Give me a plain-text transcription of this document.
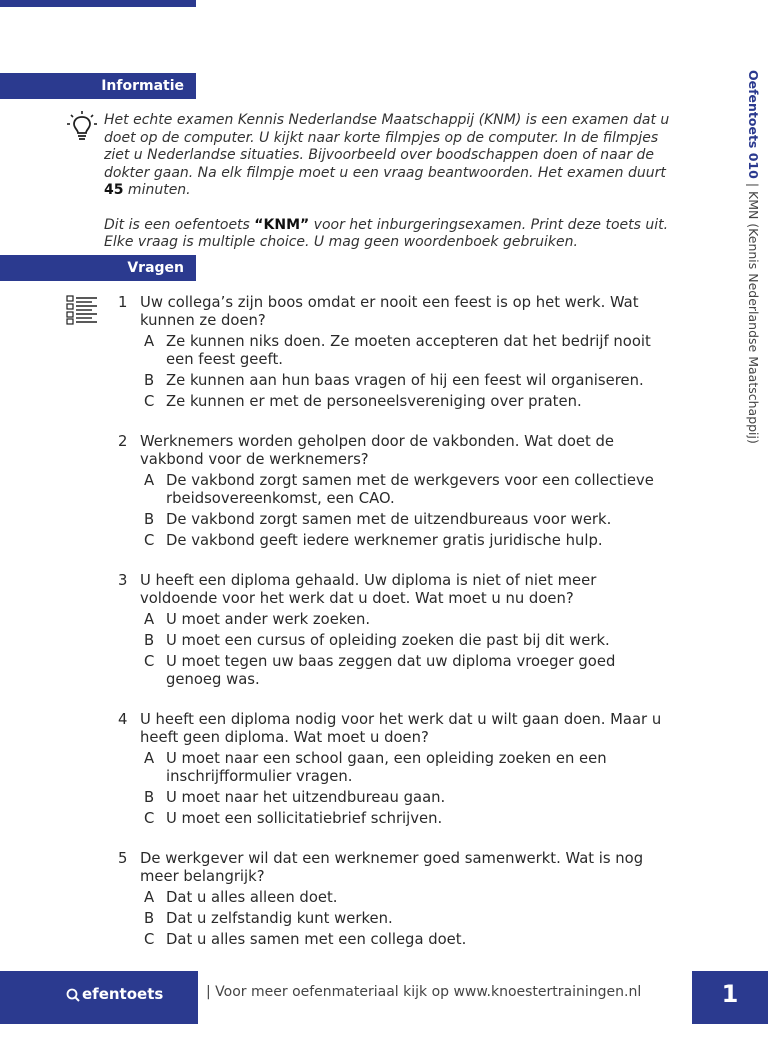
Informatie	Oefentoets 010 | KMN (Kennis Nederlandse Maatschappij)

Het echte examen Kennis Nederlandse Maatschappij (KNM) is een examen dat u doet op de computer. U kijkt naar korte filmpjes op de computer. In de filmpjes ziet u Nederlandse situaties. Bijvoorbeeld over boodschappen doen of naar de dokter gaan. Na elk filmpje moet u een vraag beantwoorden. Het examen duurt 45 minuten.

Dit is een oefentoets “KNM” voor het inburgeringsexamen. Print deze toets uit. Elke vraag is multiple choice. U mag geen woordenboek gebruiken.

Vragen
1 Uw collega’s zijn boos omdat er nooit een feest is op het werk. Wat kunnen ze doen?
A Ze kunnen niks doen. Ze moeten accepteren dat het bedrijf nooit een feest geeft.
B Ze kunnen aan hun baas vragen of hij een feest wil organiseren.
C Ze kunnen er met de personeelsvereniging over praten.
2 Werknemers worden geholpen door de vakbonden. Wat doet de vakbond voor de werknemers?
A De vakbond zorgt samen met de werkgevers voor een collectieve rbeidsovereenkomst, een CAO.
B De vakbond zorgt samen met de uitzendbureaus voor werk.
C De vakbond geeft iedere werknemer gratis juridische hulp.
3 U heeft een diploma gehaald. Uw diploma is niet of niet meer voldoende voor het werk dat u doet. Wat moet u nu doen?
A U moet ander werk zoeken.
B U moet een cursus of opleiding zoeken die past bij dit werk.
C U moet tegen uw baas zeggen dat uw diploma vroeger goed genoeg was.
4 U heeft een diploma nodig voor het werk dat u wilt gaan doen. Maar u heeft geen diploma. Wat moet u doen?
A U moet naar een school gaan, een opleiding zoeken en een inschrijfformulier vragen.
B U moet naar het uitzendbureau gaan.
C U moet een sollicitatiebrief schrijven.
5 De werkgever wil dat een werknemer goed samenwerkt. Wat is nog meer belangrijk?
A Dat u alles alleen doet.
B Dat u zelfstandig kunt werken.
C Dat u alles samen met een collega doet.
efentoets 010
| Voor meer oefenmateriaal kijk op www.knoestertrainingen.nl	1
